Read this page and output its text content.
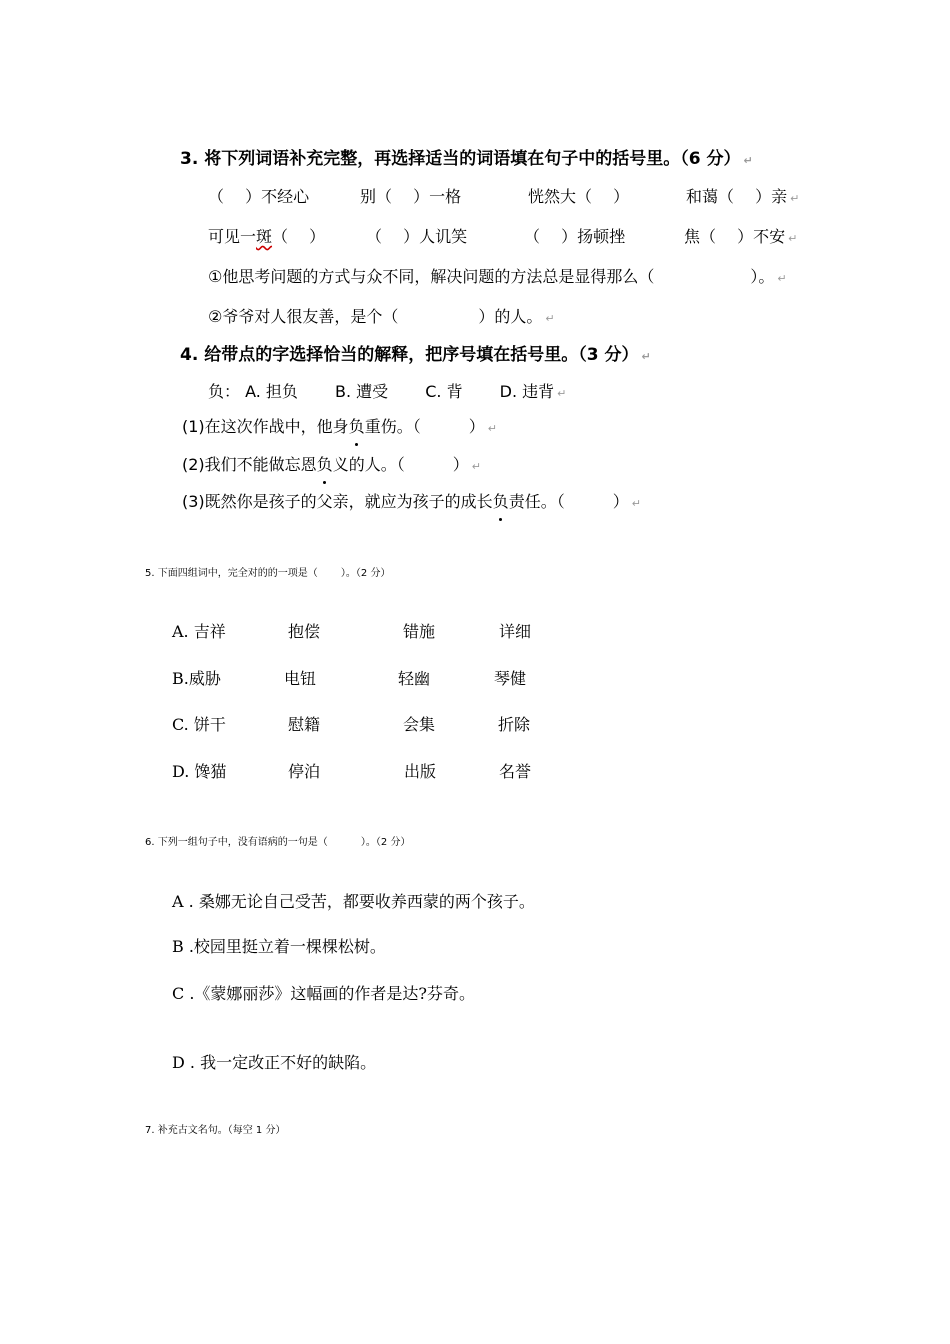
3. 将下列词语补充完整，再选择适当的词语填在句子中的括号里。（6 分） ↵
（　 ）不经心	别（　 ）一格	恍然大（　 ）	和蔼（　 ）亲 ↵
可见一斑（　 ）	（　 ）人讥笑	（　 ）扬顿挫	焦（　 ）不安 ↵
①他思考问题的方式与众不同，解决问题的方法总是显得那么（　　　　　　）。 ↵
②爷爷对人很友善，是个（　　　　　）的人。 ↵
4. 给带点的字选择恰当的解释，把序号填在括号里。（3 分） ↵
负： A. 担负　　 B. 遭受　　 C. 背　　 D. 违背 ↵
(1)在这次作战中，他身负重伤。（　　　） ↵
(2)我们不能做忘恩负义的人。（　　　） ↵
(3)既然你是孩子的父亲，就应为孩子的成长负责任。（　　　） ↵
5. 下面四组词中，完全对的的一项是（　　 ）。（2 分）
A. 吉祥	抱偿	错施	详细
B.威胁	电钮	轻幽	琴健
C. 饼干	慰籍	会集	折除
D. 馋猫	停泊	出版	名誉
6. 下列一组句子中，没有语病的一句是（　　　 ）。（2 分）
A . 桑娜无论自己受苦，都要收养西蒙的两个孩子。
B .校园里挺立着一棵棵松树。
C .《蒙娜丽莎》这幅画的作者是达?芬奇。
D . 我一定改正不好的缺陷。
7. 补充古文名句。（每空 1 分）
